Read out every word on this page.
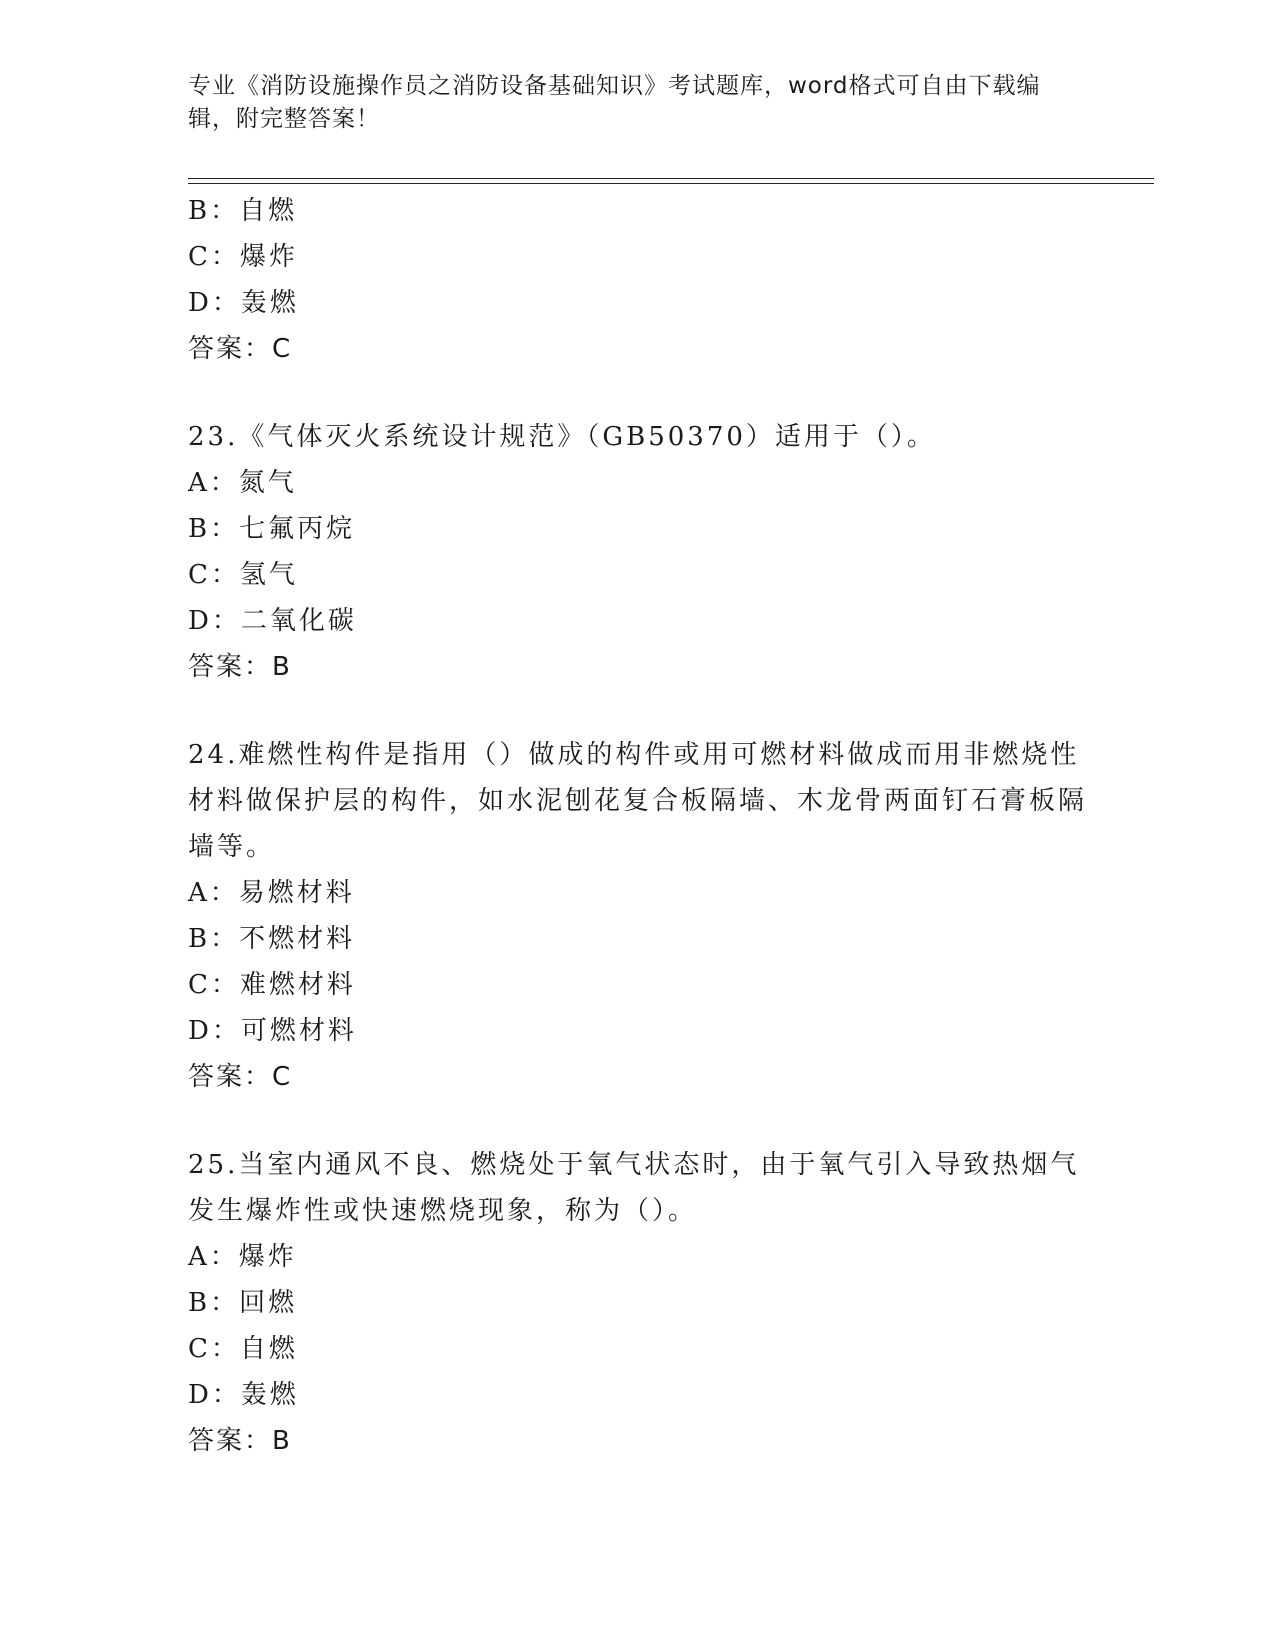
专业《消防设施操作员之消防设备基础知识》考试题库，word格式可自由下载编辑，附完整答案！
B：自燃
C：爆炸
D：轰燃
答案：C
23.《气体灭火系统设计规范》（GB50370）适用于（）。
A：氮气
B：七氟丙烷
C：氢气
D：二氧化碳
答案：B
24.难燃性构件是指用（）做成的构件或用可燃材料做成而用非燃烧性材料做保护层的构件，如水泥刨花复合板隔墙、木龙骨两面钉石膏板隔墙等。
A：易燃材料
B：不燃材料
C：难燃材料
D：可燃材料
答案：C
25.当室内通风不良、燃烧处于氧气状态时，由于氧气引入导致热烟气发生爆炸性或快速燃烧现象，称为（）。
A：爆炸
B：回燃
C：自燃
D：轰燃
答案：B
